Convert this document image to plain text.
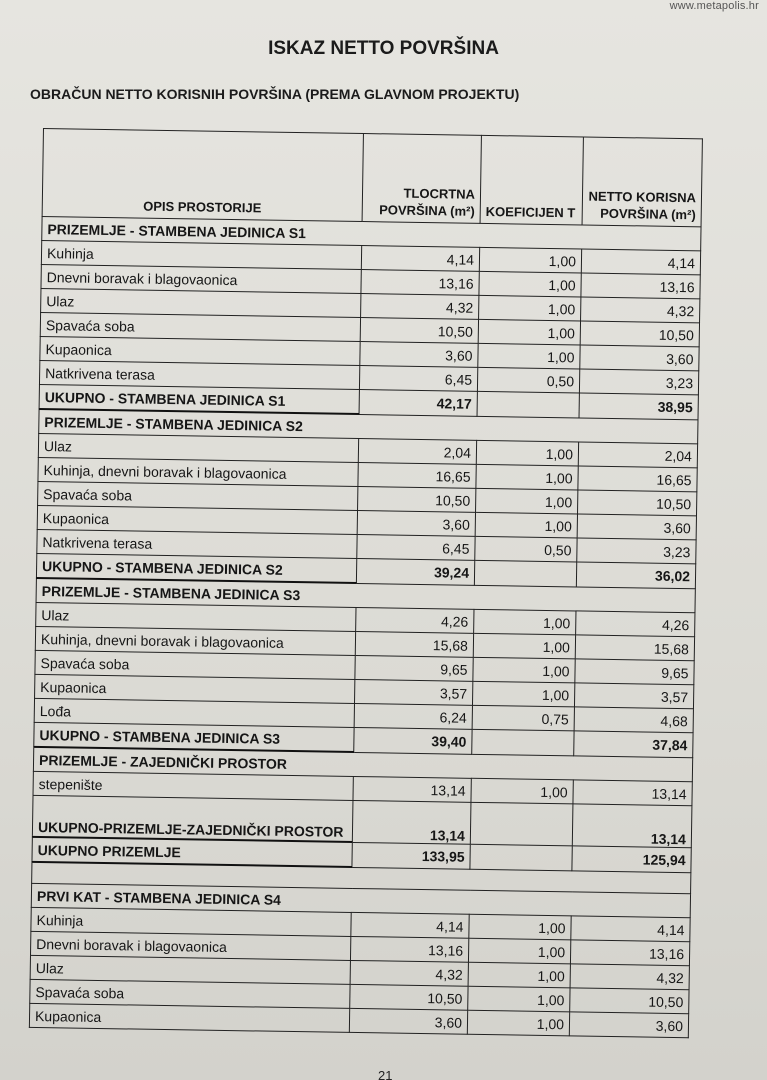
www.metapolis.hr
ISKAZ NETTO POVRŠINA
OBRAČUN NETTO KORISNIH POVRŠINA (PREMA GLAVNOM PROJEKTU)
OPIS PROSTORIJE	TLOCRTNA POVRŠINA (m²)	KOEFICIJEN T	NETTO KORISNA POVRŠINA (m²)
PRIZEMLJE - STAMBENA JEDINICA S1			
Kuhinja	4,14	1,00	4,14
Dnevni boravak i blagovaonica	13,16	1,00	13,16
Ulaz	4,32	1,00	4,32
Spavaća soba	10,50	1,00	10,50
Kupaonica	3,60	1,00	3,60
Natkrivena terasa	6,45	0,50	3,23
UKUPNO - STAMBENA JEDINICA S1	42,17		38,95
PRIZEMLJE - STAMBENA JEDINICA S2			
Ulaz	2,04	1,00	2,04
Kuhinja, dnevni boravak i blagovaonica	16,65	1,00	16,65
Spavaća soba	10,50	1,00	10,50
Kupaonica	3,60	1,00	3,60
Natkrivena terasa	6,45	0,50	3,23
UKUPNO - STAMBENA JEDINICA S2	39,24		36,02
PRIZEMLJE - STAMBENA JEDINICA S3			
Ulaz	4,26	1,00	4,26
Kuhinja, dnevni boravak i blagovaonica	15,68	1,00	15,68
Spavaća soba	9,65	1,00	9,65
Kupaonica	3,57	1,00	3,57
Lođa	6,24	0,75	4,68
UKUPNO - STAMBENA JEDINICA S3	39,40		37,84
PRIZEMLJE - ZAJEDNIČKI PROSTOR			
stepenište	13,14	1,00	13,14
UKUPNO-PRIZEMLJE-ZAJEDNIČKI PROSTOR	13,14		13,14
UKUPNO PRIZEMLJE	133,95		125,94

PRVI KAT - STAMBENA JEDINICA S4			
Kuhinja	4,14	1,00	4,14
Dnevni boravak i blagovaonica	13,16	1,00	13,16
Ulaz	4,32	1,00	4,32
Spavaća soba	10,50	1,00	10,50
Kupaonica	3,60	1,00	3,60
21
